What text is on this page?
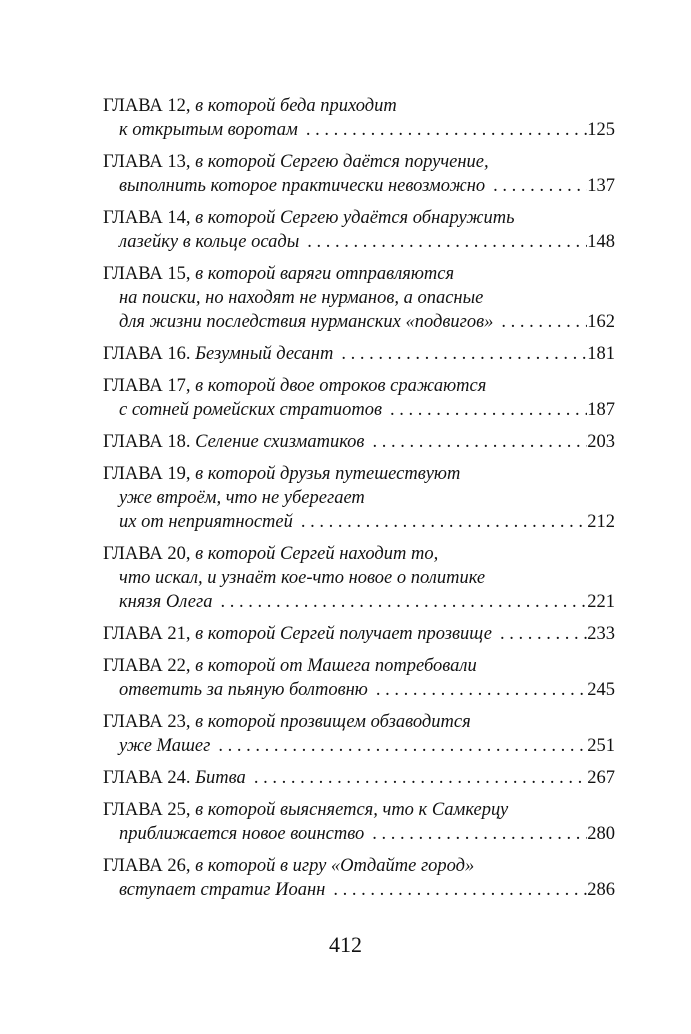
ГЛАВА 12, в которой беда приходит
к открытым воротам . . .	125
ГЛАВА 13, в которой Сергею даётся поручение,
выполнить которое практически невозможно . . .	137
ГЛАВА 14, в которой Сергею удаётся обнаружить
лазейку в кольце осады . . .	148
ГЛАВА 15, в которой варяги отправляются
на поиски, но находят не нурманов, а опасные
для жизни последствия нурманских «подвигов» . . .	162
ГЛАВА 16. Безумный десант . . .	181
ГЛАВА 17, в которой двое отроков сражаются
с сотней ромейских стратиотов . . .	187
ГЛАВА 18. Селение схизматиков . . .	203
ГЛАВА 19, в которой друзья путешествуют
уже втроём, что не уберегает
их от неприятностей . . .	212
ГЛАВА 20, в которой Сергей находит то,
что искал, и узнаёт кое-что новое о политике
князя Олега . . .	221
ГЛАВА 21, в которой Сергей получает прозвище . . .	233
ГЛАВА 22, в которой от Машега потребовали
ответить за пьяную болтовню . . .	245
ГЛАВА 23, в которой прозвищем обзаводится
уже Машег . . .	251
ГЛАВА 24. Битва . . .	267
ГЛАВА 25, в которой выясняется, что к Самкерцу
приближается новое воинство . . .	280
ГЛАВА 26, в которой в игру «Отдайте город»
вступает стратиг Иоанн . . .	286
412
